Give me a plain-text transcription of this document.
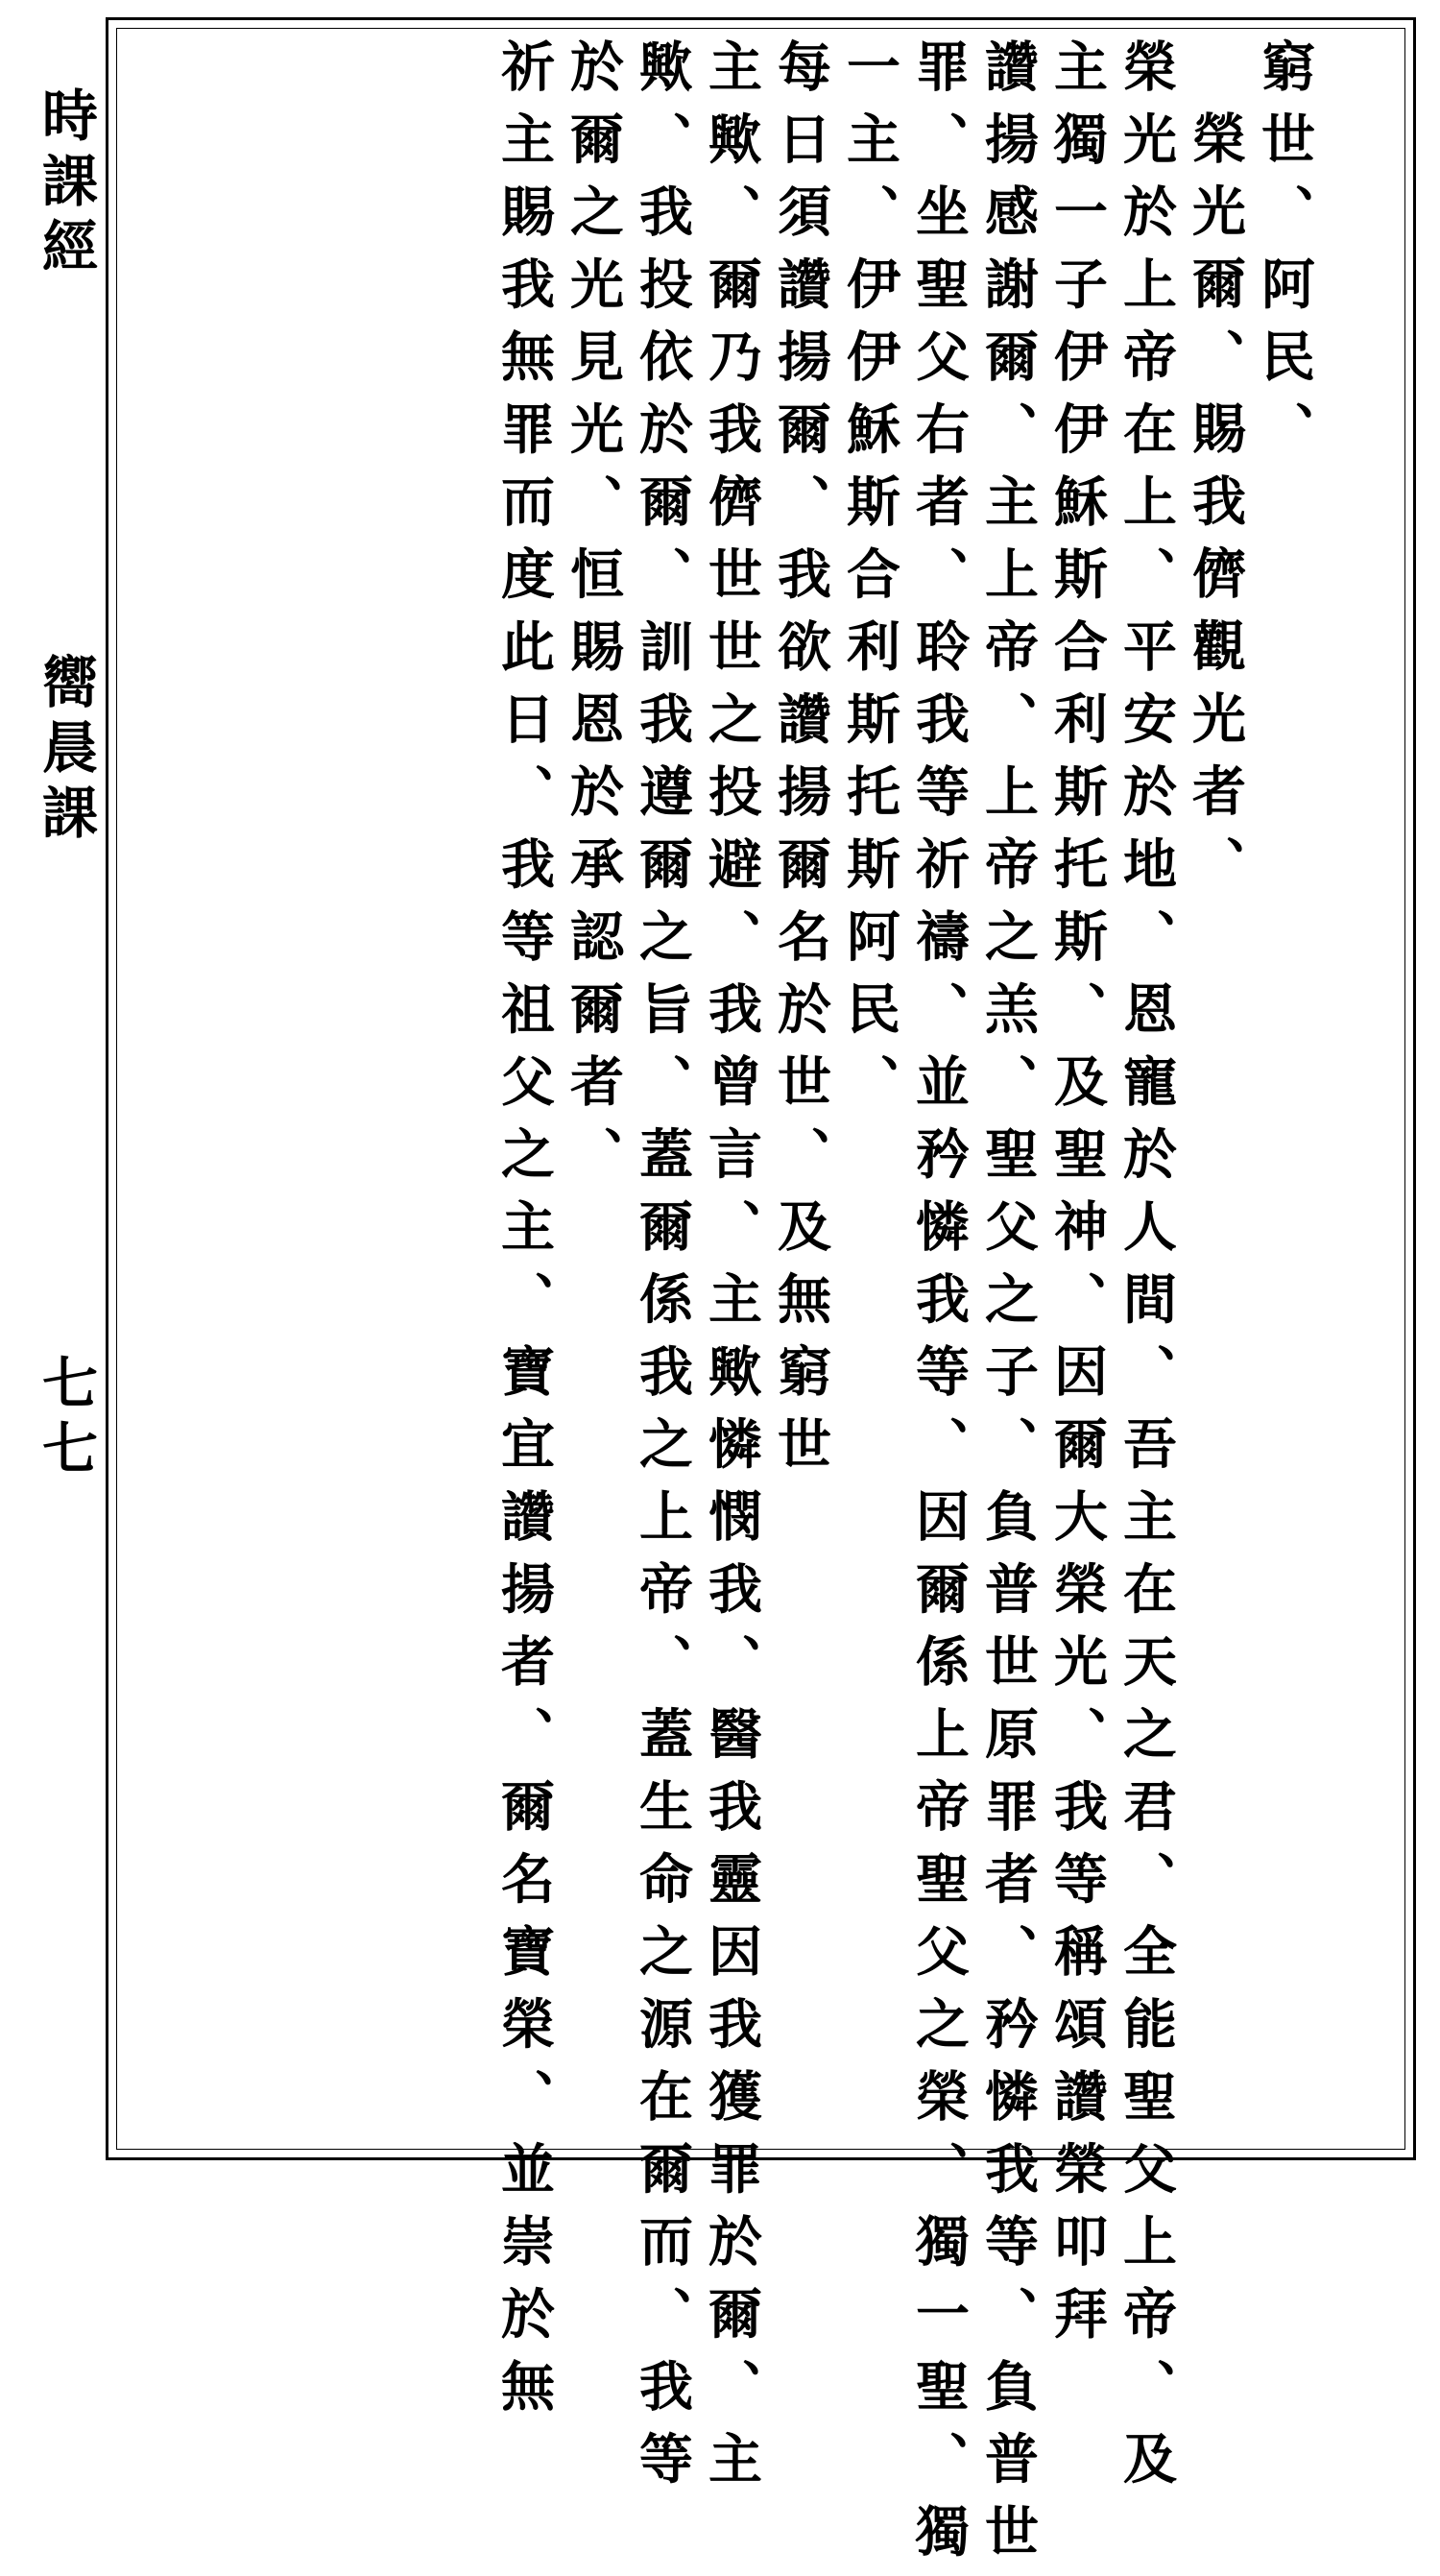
時課經
嚮晨課
七七
窮世、阿民、
榮光爾、賜我儕觀光者、
榮光於上帝在上、平安於地、恩寵於人間、吾主在天之君、全能聖父上帝、及
主獨一子伊伊穌斯合利斯托斯、及聖神、因爾大榮光、我等稱頌讚榮叩拜
讚揚感謝爾、主上帝、上帝之羔、聖父之子、負普世原罪者、矜憐我等、負普世
罪、坐聖父右者、聆我等祈禱、並矜憐我等、因爾係上帝聖父之榮、獨一聖、獨
一主、伊伊穌斯合利斯托斯阿民、
每日須讚揚爾、我欲讚揚爾名於世、及無窮世
主歟、爾乃我儕世世之投避、我曾言、主歟憐憫我、醫我靈因我獲罪於爾、主
歟、我投依於爾、訓我遵爾之旨、蓋爾係我之上帝、蓋生命之源在爾而、我等
於爾之光見光、恒賜恩於承認爾者、
祈主賜我無罪而度此日、我等祖父之主、寶宜讚揚者、爾名寶榮、並崇於無
